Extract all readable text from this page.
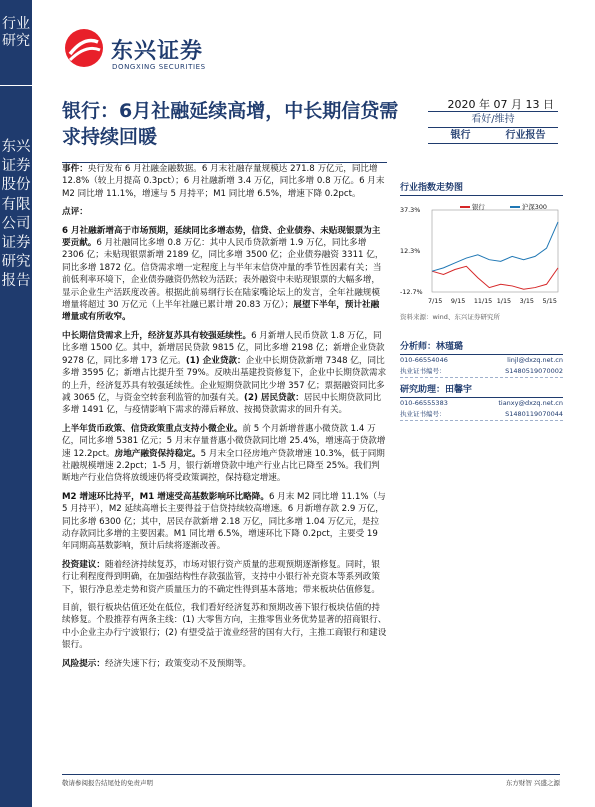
行业研究
东兴证券股份有限公司证券研究报告
东兴证券
DONGXING SECURITIES
银行：6月社融延续高增，中长期信贷需求持续回暖
2020 年 07 月 13 日
看好/维持
银行	行业报告

事件：央行发布 6 月社融金融数据。6 月末社融存量规模达 271.8 万亿元，同比增 12.8%（较上月提高 0.3pct）；6 月社融新增 3.4 万亿，同比多增 0.8 万亿。6 月末 M2 同比增 11.1%，增速与 5 月持平；M1 同比增 6.5%，增速下降 0.2pct。

点评：

6 月社融新增高于市场预期，延续同比多增态势，信贷、企业债券、未贴现银票为主要贡献。6 月社融同比多增 0.8 万亿：其中人民币贷款新增 1.9 万亿，同比多增 2306 亿；未贴现银票新增 2189 亿，同比多增 3500 亿；企业债券融资 3311 亿，同比多增 1872 亿。信贷需求增一定程度上与半年末信贷冲量的季节性因素有关；当前低利率环境下，企业债券融资仍然较为活跃；表外融资中未贴现银票的大幅多增，显示企业生产活跃度改善。根据此前易纲行长在陆家嘴论坛上的发言，全年社融规模增量将超过 30 万亿元（上半年社融已累计增 20.83 万亿）；展望下半年，预计社融增量或有所收窄。

中长期信贷需求上升，经济复苏具有较强延续性。6 月新增人民币贷款 1.8 万亿，同比多增 1500 亿。其中，新增居民贷款 9815 亿，同比多增 2198 亿；新增企业贷款 9278 亿，同比多增 173 亿元。(1) 企业贷款：企业中长期贷款新增 7348 亿，同比多增 3595 亿；新增占比提升至 79%。反映出基建投资修复下，企业中长期贷款需求的上升，经济复苏具有较强延续性。企业短期贷款同比少增 357 亿；票据融资同比多减 3065 亿，与资金空转套利监管的加强有关。(2) 居民贷款：居民中长期贷款同比多增 1491 亿，与疫情影响下需求的滞后释放、按揭贷款需求的回升有关。

上半年货币政策、信贷政策重点支持小微企业。前 5 个月新增普惠小微贷款 1.4 万亿，同比多增 5381 亿元；5 月末存量普惠小微贷款同比增 25.4%，增速高于贷款增速 12.2pct。房地产融资保持稳定。5 月末全口径房地产贷款增速 10.3%，低于同期社融规模增速 2.2pct；1-5 月，银行新增贷款中地产行业占比已降至 25%。我们判断地产行业信贷将放缓速仍将受政策调控，保持稳定增速。

M2 增速环比持平，M1 增速受高基数影响环比略降。6 月末 M2 同比增 11.1%（与 5 月持平），M2 延续高增长主要得益于信贷持续较高增速。6 月新增存款 2.9 万亿，同比多增 6300 亿；其中，居民存款新增 2.18 万亿，同比多增 1.04 万亿元，是拉动存款同比多增的主要因素。M1 同比增 6.5%，增速环比下降 0.2pct，主要受 19 年同期高基数影响，预计后续将逐渐改善。

投资建议：随着经济持续复苏，市场对银行资产质量的悲观预期逐渐修复。同时，银行让利程度得到明确，在加强结构性存款强监管，支持中小银行补充资本等系列政策下，银行净息差走势和资产质量压力的不确定性得到基本落地；带来板块估值修复。

目前，银行板块估值还处在低位，我们看好经济复苏和预期改善下银行板块估值的持续修复。个股推荐有两条主线：(1) 大零售方向，主推零售业务优势显著的招商银行、中小企业主办行宁波银行；(2) 有望受益于流业经营的国有大行，主推工商银行和建设银行。

风险提示：经济失速下行；政策变动不及预期等。

行业指数走势图
37.3%
12.3%
-12.7%
7/15 9/15 11/15 1/15 3/15 5/15
银行	沪深300
资料来源：wind、东兴证券研究所
分析师：林瑾璐
010-66554046	linjl@dxzq.net.cn
执业证书编号：	S1480519070002
研究助理：田馨宇
010-66555383	tianxy@dxzq.net.cn
执业证书编号：	S1480119070044
敬请参阅报告结尾处的免责声明	东方财智 兴盛之源
